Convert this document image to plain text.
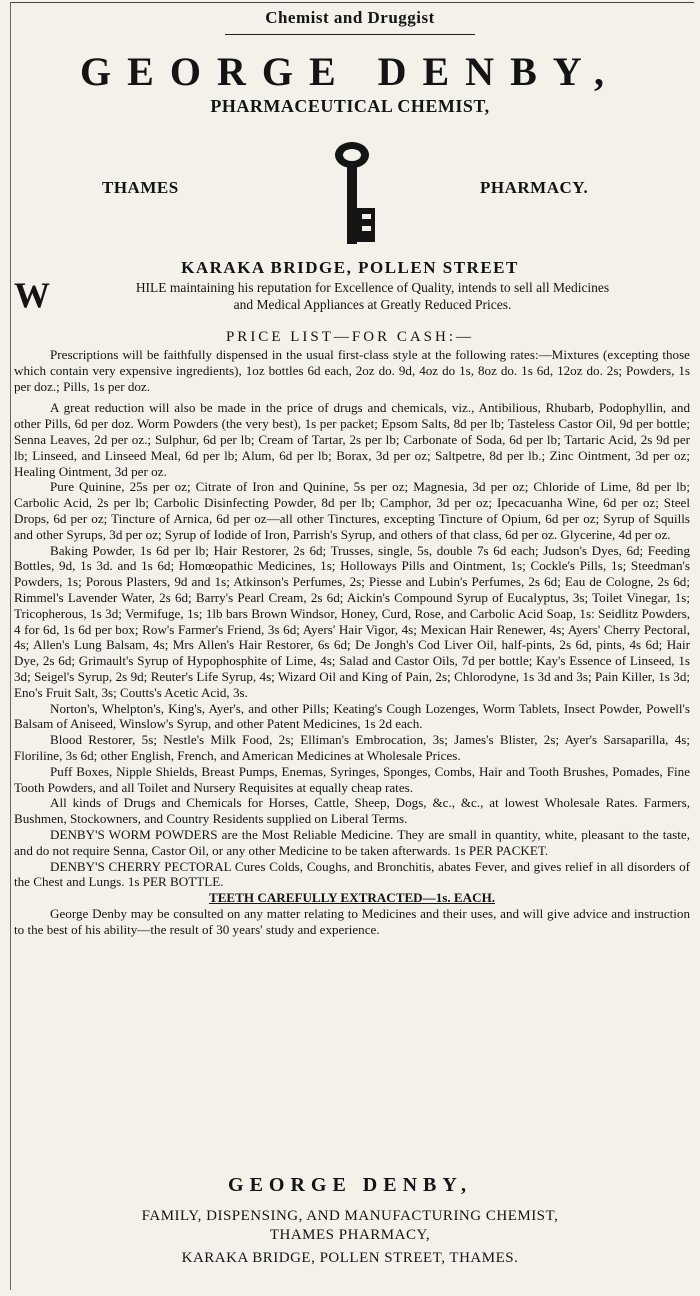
Chemist and Druggist
GEORGE DENBY,
PHARMACEUTICAL CHEMIST,
THAMES	PHARMACY.
KARAKA BRIDGE, POLLEN STREET
W	HILE maintaining his reputation for Excellence of Quality, intends to sell all Medicines
and Medical Appliances at Greatly Reduced Prices.
PRICE LIST—FOR CASH:—

Prescriptions will be faithfully dispensed in the usual first-class style at the following rates:—Mixtures (excepting those which contain very expensive ingredients), 1oz bottles 6d each, 2oz do. 9d, 4oz do 1s, 8oz do. 1s 6d, 12oz do. 2s; Powders, 1s per doz.; Pills, 1s per doz.

A great reduction will also be made in the price of drugs and chemicals, viz., Antibilious, Rhubarb, Podophyllin, and other Pills, 6d per doz. Worm Powders (the very best), 1s per packet; Epsom Salts, 8d per lb; Tasteless Castor Oil, 9d per bottle; Senna Leaves, 2d per oz.; Sulphur, 6d per lb; Cream of Tartar, 2s per lb; Carbonate of Soda, 6d per lb; Tartaric Acid, 2s 9d per lb; Linseed, and Linseed Meal, 6d per lb; Alum, 6d per lb; Borax, 3d per oz; Saltpetre, 8d per lb.; Zinc Ointment, 3d per oz; Healing Ointment, 3d per oz.

Pure Quinine, 25s per oz; Citrate of Iron and Quinine, 5s per oz; Magnesia, 3d per oz; Chloride of Lime, 8d per lb; Carbolic Acid, 2s per lb; Carbolic Disinfecting Powder, 8d per lb; Camphor, 3d per oz; Ipecacuanha Wine, 6d per oz; Steel Drops, 6d per oz; Tincture of Arnica, 6d per oz—all other Tinctures, excepting Tincture of Opium, 6d per oz; Syrup of Squills and other Syrups, 3d per oz; Syrup of Iodide of Iron, Parrish's Syrup, and others of that class, 6d per oz. Glycerine, 4d per oz.

Baking Powder, 1s 6d per lb; Hair Restorer, 2s 6d; Trusses, single, 5s, double 7s 6d each; Judson's Dyes, 6d; Feeding Bottles, 9d, 1s 3d. and 1s 6d; Homœopathic Medicines, 1s; Holloways Pills and Ointment, 1s; Cockle's Pills, 1s; Steedman's Powders, 1s; Porous Plasters, 9d and 1s; Atkinson's Perfumes, 2s; Piesse and Lubin's Perfumes, 2s 6d; Eau de Cologne, 2s 6d; Rimmel's Lavender Water, 2s 6d; Barry's Pearl Cream, 2s 6d; Aickin's Compound Syrup of Eucalyptus, 3s; Toilet Vinegar, 1s; Tricopherous, 1s 3d; Vermifuge, 1s; 1lb bars Brown Windsor, Honey, Curd, Rose, and Carbolic Acid Soap, 1s: Seidlitz Powders, 4 for 6d, 1s 6d per box; Row's Farmer's Friend, 3s 6d; Ayers' Hair Vigor, 4s; Mexican Hair Renewer, 4s; Ayers' Cherry Pectoral, 4s; Allen's Lung Balsam, 4s; Mrs Allen's Hair Restorer, 6s 6d; De Jongh's Cod Liver Oil, half-pints, 2s 6d, pints, 4s 6d; Hair Dye, 2s 6d; Grimault's Syrup of Hypophosphite of Lime, 4s; Salad and Castor Oils, 7d per bottle; Kay's Essence of Linseed, 1s 3d; Seigel's Syrup, 2s 9d; Reuter's Life Syrup, 4s; Wizard Oil and King of Pain, 2s; Chlorodyne, 1s 3d and 3s; Pain Killer, 1s 3d; Eno's Fruit Salt, 3s; Coutts's Acetic Acid, 3s.

Norton's, Whelpton's, King's, Ayer's, and other Pills; Keating's Cough Lozenges, Worm Tablets, Insect Powder, Powell's Balsam of Aniseed, Winslow's Syrup, and other Patent Medicines, 1s 2d each.

Blood Restorer, 5s; Nestle's Milk Food, 2s; Elliman's Embrocation, 3s; James's Blister, 2s; Ayer's Sarsaparilla, 4s; Floriline, 3s 6d; other English, French, and American Medicines at Wholesale Prices.

Puff Boxes, Nipple Shields, Breast Pumps, Enemas, Syringes, Sponges, Combs, Hair and Tooth Brushes, Pomades, Fine Tooth Powders, and all Toilet and Nursery Requisites at equally cheap rates.

All kinds of Drugs and Chemicals for Horses, Cattle, Sheep, Dogs, &c., &c., at lowest Wholesale Rates. Farmers, Bushmen, Stockowners, and Country Residents supplied on Liberal Terms.

DENBY'S WORM POWDERS are the Most Reliable Medicine. They are small in quantity, white, pleasant to the taste, and do not require Senna, Castor Oil, or any other Medicine to be taken afterwards. 1s PER PACKET.

DENBY'S CHERRY PECTORAL Cures Colds, Coughs, and Bronchitis, abates Fever, and gives relief in all disorders of the Chest and Lungs. 1s PER BOTTLE.

TEETH CAREFULLY EXTRACTED—1s. EACH.

George Denby may be consulted on any matter relating to Medicines and their uses, and will give advice and instruction to the best of his ability—the result of 30 years' study and experience.

GEORGE DENBY,
FAMILY, DISPENSING, AND MANUFACTURING CHEMIST,
THAMES PHARMACY,
KARAKA BRIDGE, POLLEN STREET, THAMES.
